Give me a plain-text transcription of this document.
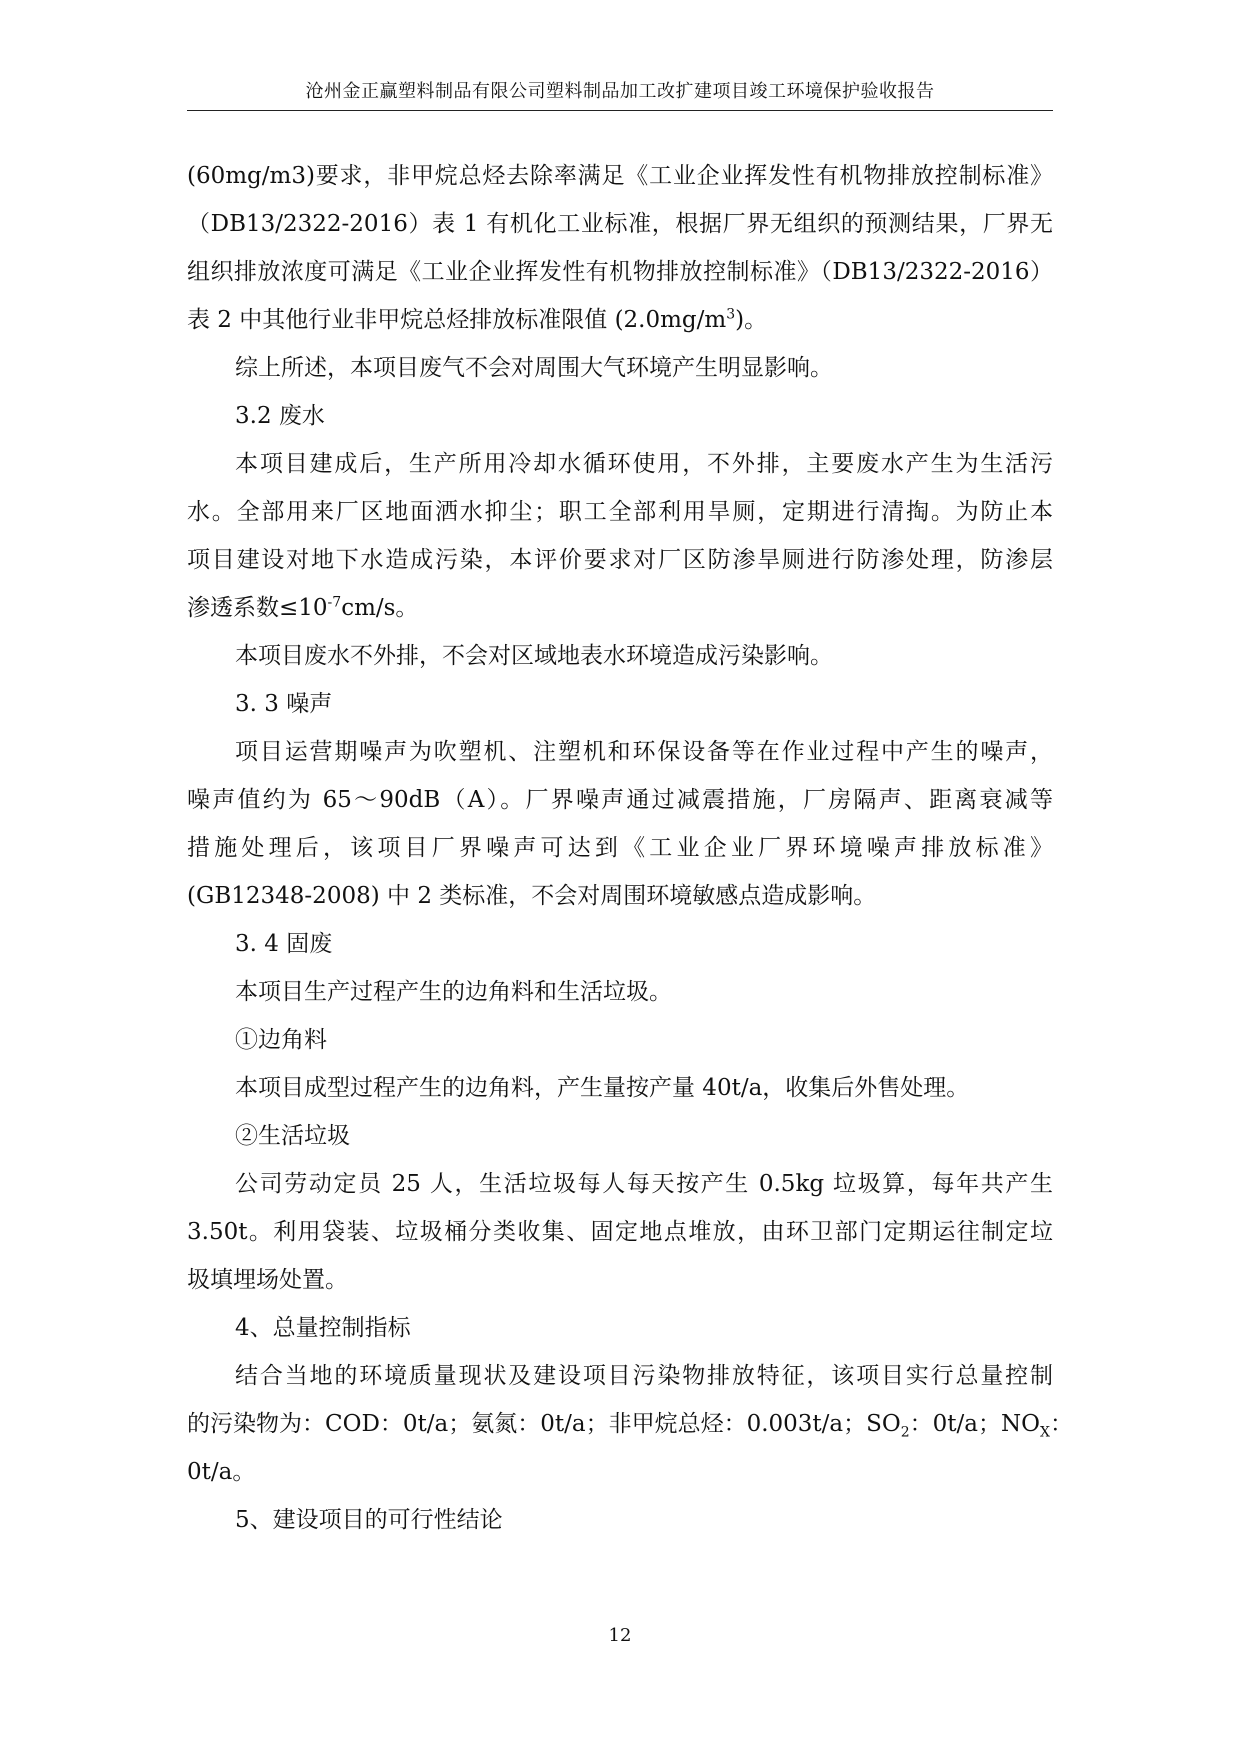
沧州金正赢塑料制品有限公司塑料制品加工改扩建项目竣工环境保护验收报告
(60mg/m3)要求，非甲烷总烃去除率满足《工业企业挥发性有机物排放控制标准》
（DB13/2322-2016）表 1 有机化工业标准，根据厂界无组织的预测结果，厂界无
组织排放浓度可满足《工业企业挥发性有机物排放控制标准》（DB13/2322-2016）
表 2 中其他行业非甲烷总烃排放标准限值 $(2.0mg/m^3)$。
综上所述，本项目废气不会对周围大气环境产生明显影响。
3.2 废水
本项目建成后，生产所用冷却水循环使用，不外排，主要废水产生为生活污
水。全部用来厂区地面洒水抑尘；职工全部利用旱厕，定期进行清掏。为防止本
项目建设对地下水造成污染，本评价要求对厂区防渗旱厕进行防渗处理，防渗层
渗透系数$\le 10^{-7}cm/s$。
本项目废水不外排，不会对区域地表水环境造成污染影响。
3. 3 噪声
项目运营期噪声为吹塑机、注塑机和环保设备等在作业过程中产生的噪声，
噪声值约为 65～90dB（A）。厂界噪声通过减震措施，厂房隔声、距离衰减等
措施处理后，该项目厂界噪声可达到《工业企业厂界环境噪声排放标准》
(GB12348-2008) 中 2 类标准，不会对周围环境敏感点造成影响。
3. 4 固废
本项目生产过程产生的边角料和生活垃圾。
①边角料
本项目成型过程产生的边角料，产生量按产量 40t/a，收集后外售处理。
②生活垃圾
公司劳动定员 25 人，生活垃圾每人每天按产生 0.5kg 垃圾算，每年共产生
3.50t。利用袋装、垃圾桶分类收集、固定地点堆放，由环卫部门定期运往制定垃
圾填埋场处置。
4、总量控制指标
结合当地的环境质量现状及建设项目污染物排放特征，该项目实行总量控制
的污染物为：COD：0t/a；氨氮：0t/a；非甲烷总烃：0.003t/a；$SO_2$：0t/a；$NO_X$：
0t/a。
5、建设项目的可行性结论
12
